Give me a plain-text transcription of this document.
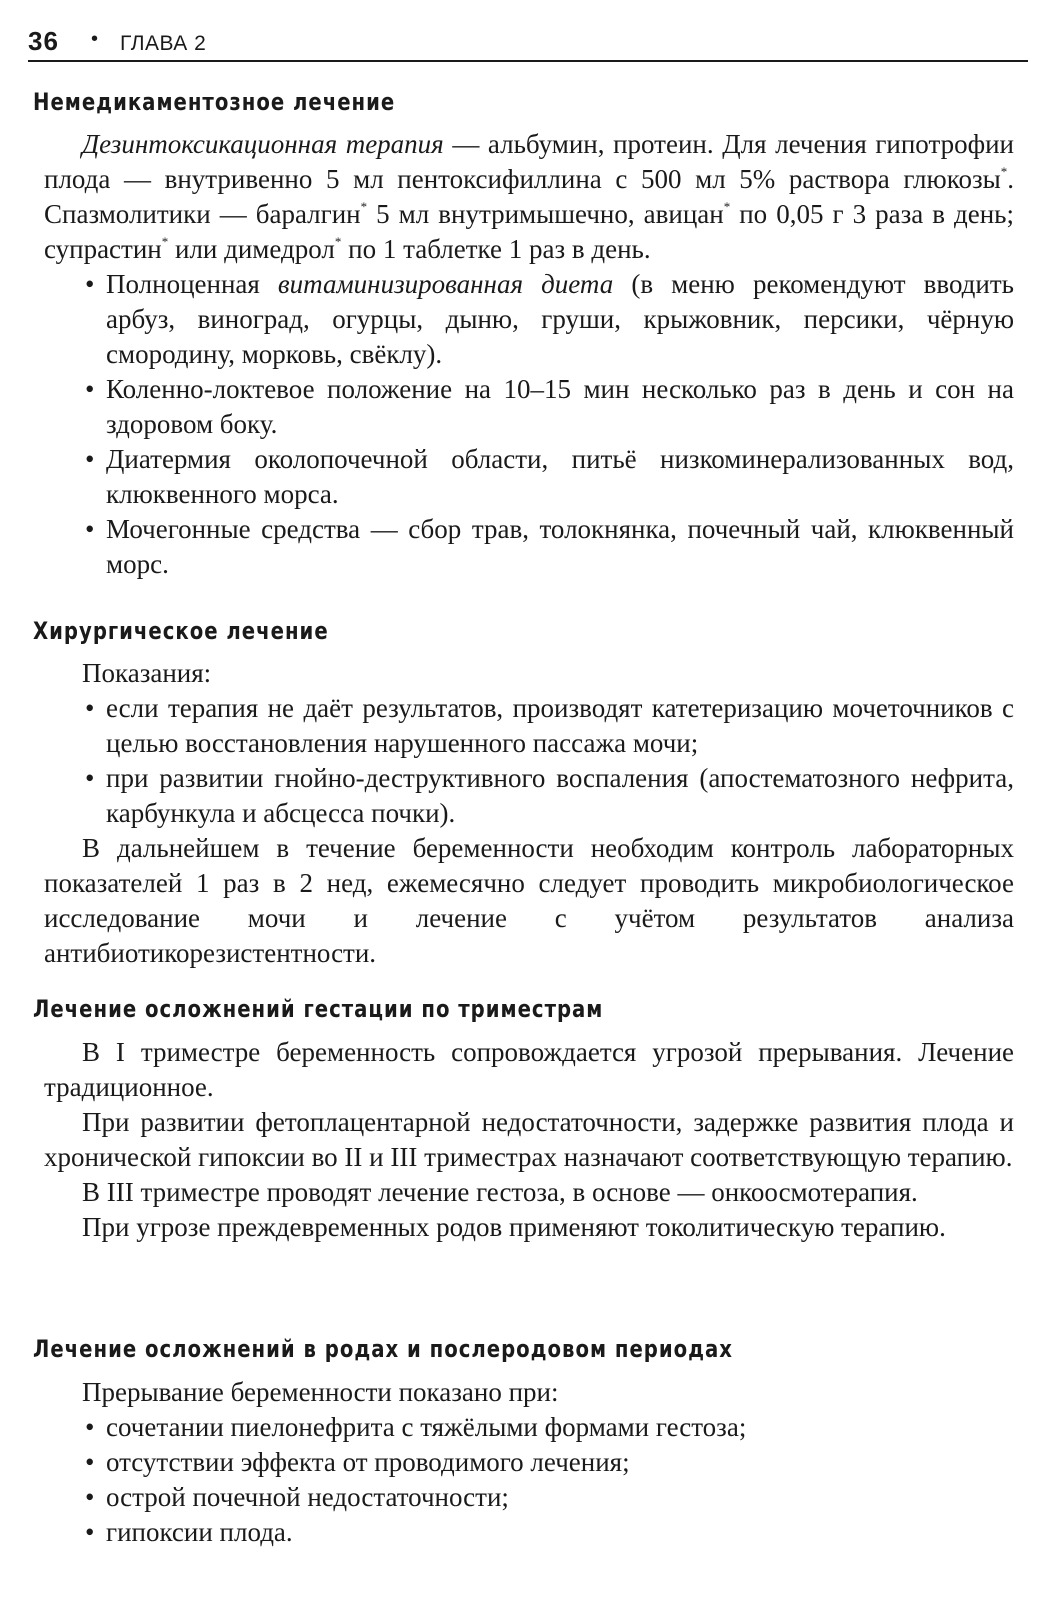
36 • ГЛАВА 2
Немедикаментозное лечение

Дезинтоксикационная терапия — альбумин, протеин. Для лечения гипотрофии плода — внутривенно 5 мл пентоксифиллина с 500 мл 5% раствора глюкозы*. Спазмолитики — баралгин* 5 мл внутримышечно, авицан* по 0,05 г 3 раза в день; супрастин* или димедрол* по 1 таблетке 1 раз в день.

• Полноценная витаминизированная диета (в меню рекомендуют вводить арбуз, виноград, огурцы, дыню, груши, крыжовник, персики, чёрную смородину, морковь, свёклу).
• Коленно-локтевое положение на 10–15 мин несколько раз в день и сон на здоровом боку.
• Диатермия околопочечной области, питьё низкоминерализованных вод, клюквенного морса.
• Мочегонные средства — сбор трав, толокнянка, почечный чай, клюквенный морс.
Хирургическое лечение

Показания:

• если терапия не даёт результатов, производят катетеризацию мочеточников с целью восстановления нарушенного пассажа мочи;
• при развитии гнойно-деструктивного воспаления (апостематозного нефрита, карбункула и абсцесса почки).

В дальнейшем в течение беременности необходим контроль лабораторных показателей 1 раз в 2 нед, ежемесячно следует проводить микробиологическое исследование мочи и лечение с учётом результатов анализа антибиотикорезистентности.

Лечение осложнений гестации по триместрам

В I триместре беременность сопровождается угрозой прерывания. Лечение традиционное.

При развитии фетоплацентарной недостаточности, задержке развития плода и хронической гипоксии во II и III триместрах назначают соответствующую терапию.

В III триместре проводят лечение гестоза, в основе — онкоосмотерапия.

При угрозе преждевременных родов применяют токолитическую терапию.

Лечение осложнений в родах и послеродовом периодах

Прерывание беременности показано при:

• сочетании пиелонефрита с тяжёлыми формами гестоза;
• отсутствии эффекта от проводимого лечения;
• острой почечной недостаточности;
• гипоксии плода.
